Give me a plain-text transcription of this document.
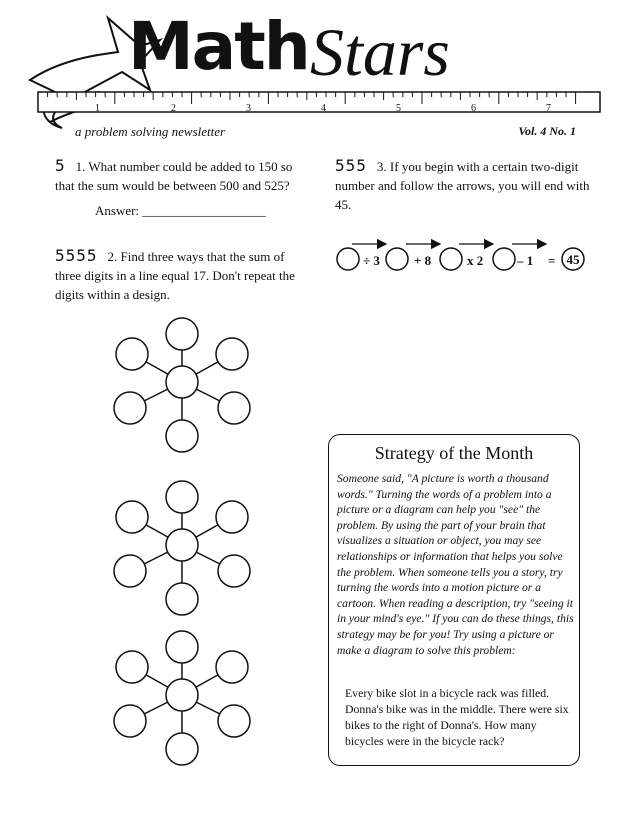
Math Stars
1	2	3	4	5	6	7
a problem solving newsletter	Vol. 4 No. 1
5 1. What number could be added to 150 so that the sum would be between 500 and 525?
Answer: ___________________
555 3. If you begin with a certain two-digit number and follow the arrows, you will end with 45.
÷ 3	+ 8	x 2	– 1 = 45
5555 2. Find three ways that the sum of three digits in a line equal 17. Don't repeat the digits within a design.
Strategy of the Month
Someone said, "A picture is worth a thousand words." Turning the words of a problem into a picture or a diagram can help you "see" the problem. By using the part of your brain that visualizes a situation or object, you may see relationships or information that helps you solve the problem. When someone tells you a story, try turning the words into a motion picture or a cartoon. When reading a description, try "seeing it in your mind's eye." If you can do these things, this strategy may be for you! Try using a picture or make a diagram to solve this problem:
Every bike slot in a bicycle rack was filled. Donna's bike was in the middle. There were six bikes to the right of Donna's. How many bicycles were in the bicycle rack?
